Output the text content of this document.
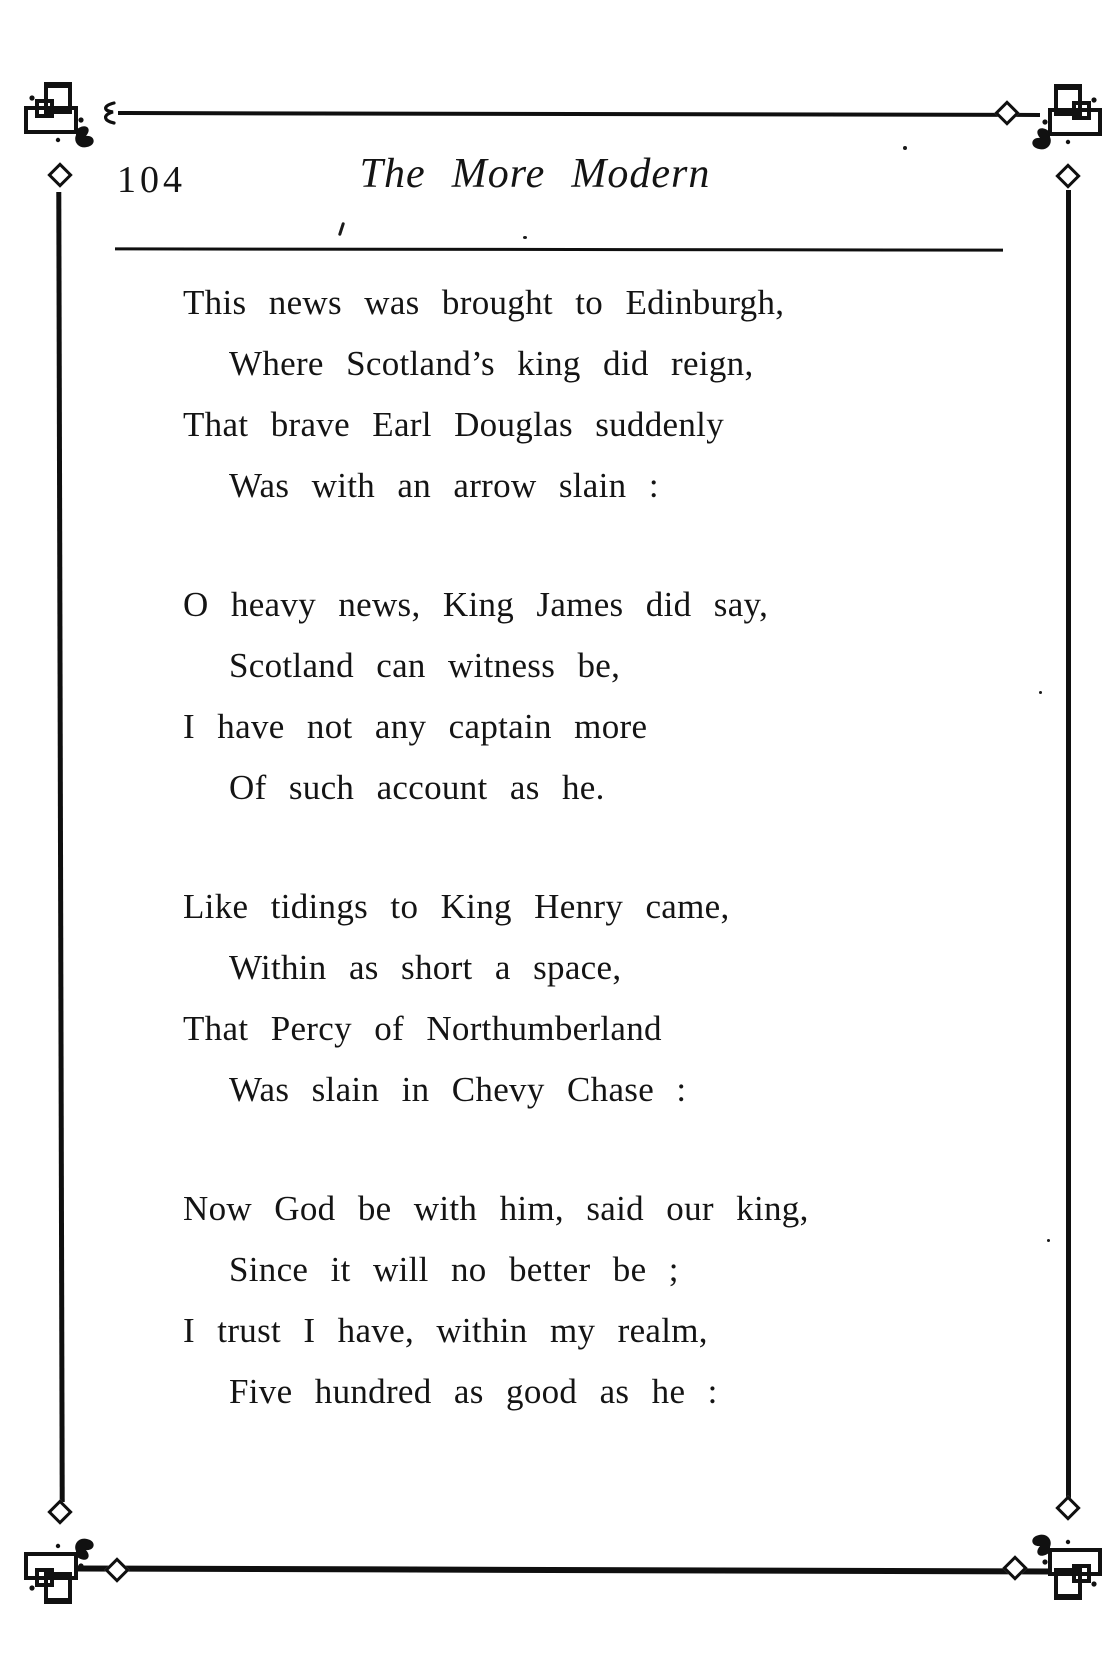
104	The More Modern

This news was brought to Edinburgh,

Where Scotland’s king did reign,

That brave Earl Douglas suddenly

Was with an arrow slain :

O heavy news, King James did say,

Scotland can witness be,

I have not any captain more

Of such account as he.

Like tidings to King Henry came,

Within as short a space,

That Percy of Northumberland

Was slain in Chevy Chase :

Now God be with him, said our king,

Since it will no better be ;

I trust I have, within my realm,

Five hundred as good as he :
